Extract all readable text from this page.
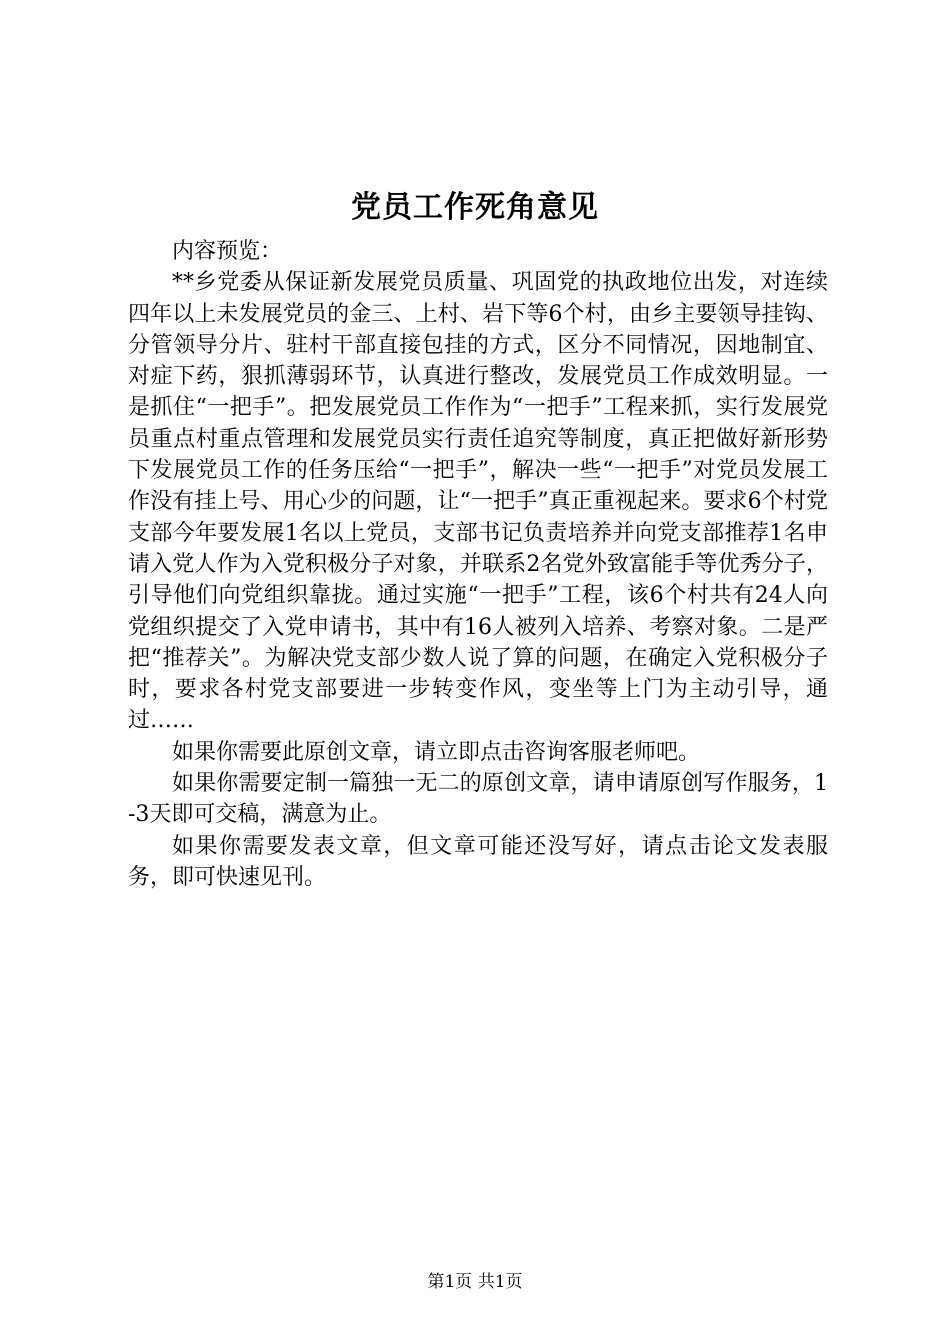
党员工作死角意见

内容预览：

**乡党委从保证新发展党员质量、巩固党的执政地位出发，对连续四年以上未发展党员的金三、上村、岩下等6个村，由乡主要领导挂钩、分管领导分片、驻村干部直接包挂的方式，区分不同情况，因地制宜、对症下药，狠抓薄弱环节，认真进行整改，发展党员工作成效明显。一是抓住“一把手”。把发展党员工作作为“一把手”工程来抓，实行发展党员重点村重点管理和发展党员实行责任追究等制度，真正把做好新形势下发展党员工作的任务压给“一把手”，解决一些“一把手”对党员发展工作没有挂上号、用心少的问题，让“一把手”真正重视起来。要求6个村党支部今年要发展1名以上党员，支部书记负责培养并向党支部推荐1名申请入党人作为入党积极分子对象，并联系2名党外致富能手等优秀分子，引导他们向党组织靠拢。通过实施“一把手”工程，该6个村共有24人向党组织提交了入党申请书，其中有16人被列入培养、考察对象。二是严把“推荐关”。为解决党支部少数人说了算的问题，在确定入党积极分子时，要求各村党支部要进一步转变作风，变坐等上门为主动引导，通过……

如果你需要此原创文章，请立即点击咨询客服老师吧。

如果你需要定制一篇独一无二的原创文章，请申请原创写作服务，1-3天即可交稿，满意为止。

如果你需要发表文章，但文章可能还没写好，请点击论文发表服务，即可快速见刊。

第1页 共1页
